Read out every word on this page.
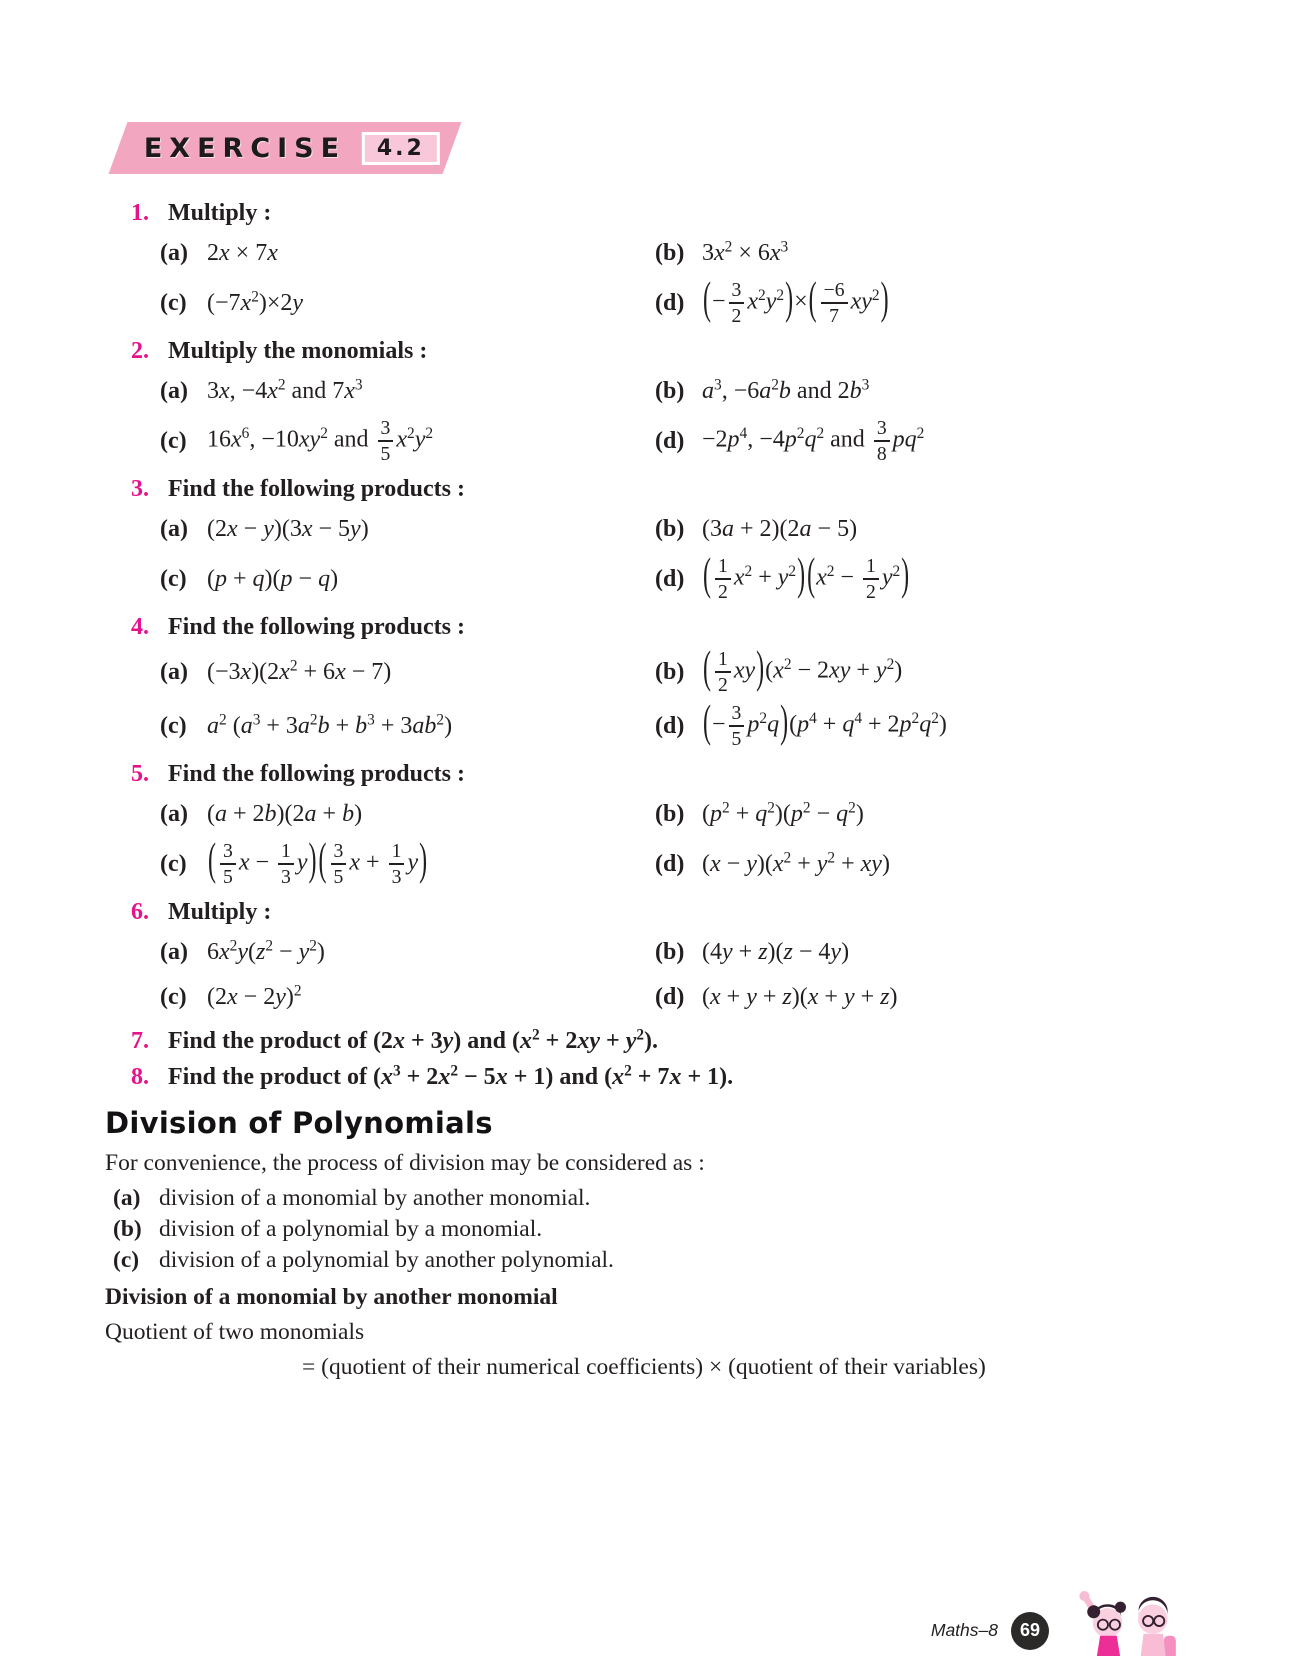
EXERCISE	4.2
1. Multiply :
(a) 2x × 7x	(b) $3x^2 \times 6x^3$
(c) $(-7x^2)\times 2y$	(d) (− $\frac{3}{2} x^2y^2)\times( \frac{-6}{7} xy^2)$
2. Multiply the monomials :
(a) 3x, $-4x^2$ and $7x^3$	(b) $a^3$, $-6a^2b$ and $2b^3$
(c) $16x^6$, $-10xy^2$ and $\frac{3}{5} x^2y^2$	$(d) -2p^4$, $-4p^2q^2$ and $\frac{3}{8} pq^2$
3. Find the following products :
(a) (2x − y)(3x − 5y)	(b) (3a + 2)(2a − 5)
(c) (p + q)(p − q)	(d) ( $\frac{1}{2} x^2 + y^2)(x^2 - \frac{1}{2} y^2)$
4. Find the following products :
(a) $(-3x)(2x^2 + 6x - 7)$	(b) ( $\frac{1}{2} xy)(x^2 - 2xy + y^2)$
(c) $a^2$ $(a^3 + 3a^2b + b^3 + 3ab^2)$	(d) (− $\frac{3}{5} p^2q)(p^4 + q^4 + 2p^2q^2)$
5. Find the following products :
(a) (a + 2b)(2a + b)	(b) $(p^2 + q^2)(p^2 - q^2)$
(c) ( $\frac{3}{5}$ $x - \frac{1}{3} y)( \frac{3}{5}$ $x + \frac{1}{3} y$)	(d) $(x - y)(x^2 + y^2 + xy)$
6. Multiply :
(a) $6x^2y(z^2 - y^2)$	(b) (4y + z)(z − 4y)
(c) $(2x - 2y)^2$	(d) (x + y + z)(x + y + z)
7. Find the product of (2x + 3y) and $(x^2 + 2xy + y^2)$.
8. Find the product of $(x^3 + 2x^2 - 5x + 1)$ and $(x^2 + 7x + 1)$.
Division of Polynomials

For convenience, the process of division may be considered as :

(a) division of a monomial by another monomial.
(b) division of a polynomial by a monomial.
(c) division of a polynomial by another polynomial.
Division of a monomial by another monomial

Quotient of two monomials

= (quotient of their numerical coefficients) × (quotient of their variables)

Maths–8	69
